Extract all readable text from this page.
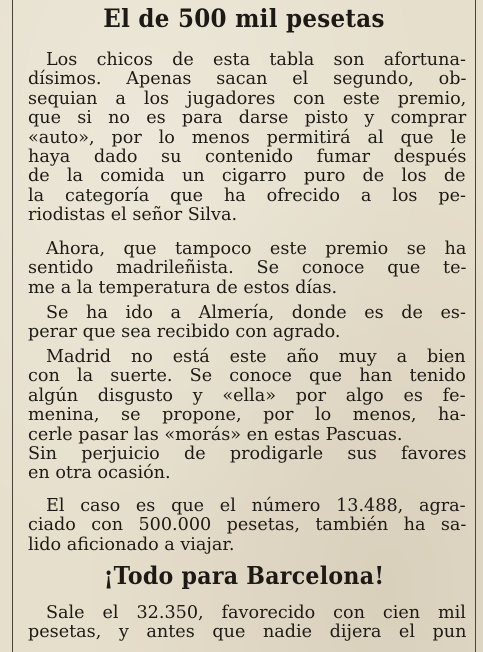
El de 500 mil pesetas
Los chicos de esta tabla son afortuna-
dísimos. Apenas sacan el segundo, ob-
sequian a los jugadores con este premio,
que si no es para darse pisto y comprar
«auto», por lo menos permitirá al que le
haya dado su contenido fumar después
de la comida un cigarro puro de los de
la categoría que ha ofrecido a los pe-
riodistas el señor Silva.
Ahora, que tampoco este premio se ha
sentido madrileñista. Se conoce que te-
me a la temperatura de estos días.
Se ha ido a Almería, donde es de es-
perar que sea recibido con agrado.
Madrid no está este año muy a bien
con la suerte. Se conoce que han tenido
algún disgusto y «ella» por algo es fe-
menina, se propone, por lo menos, ha-
cerle pasar las «morás» en estas Pascuas.
Sin perjuicio de prodigarle sus favores
en otra ocasión.
El caso es que el número 13.488, agra-
ciado con 500.000 pesetas, también ha sa-
lido aficionado a viajar.
¡Todo para Barcelona!
Sale el 32.350, favorecido con cien mil
pesetas, y antes que nadie dijera el pun
